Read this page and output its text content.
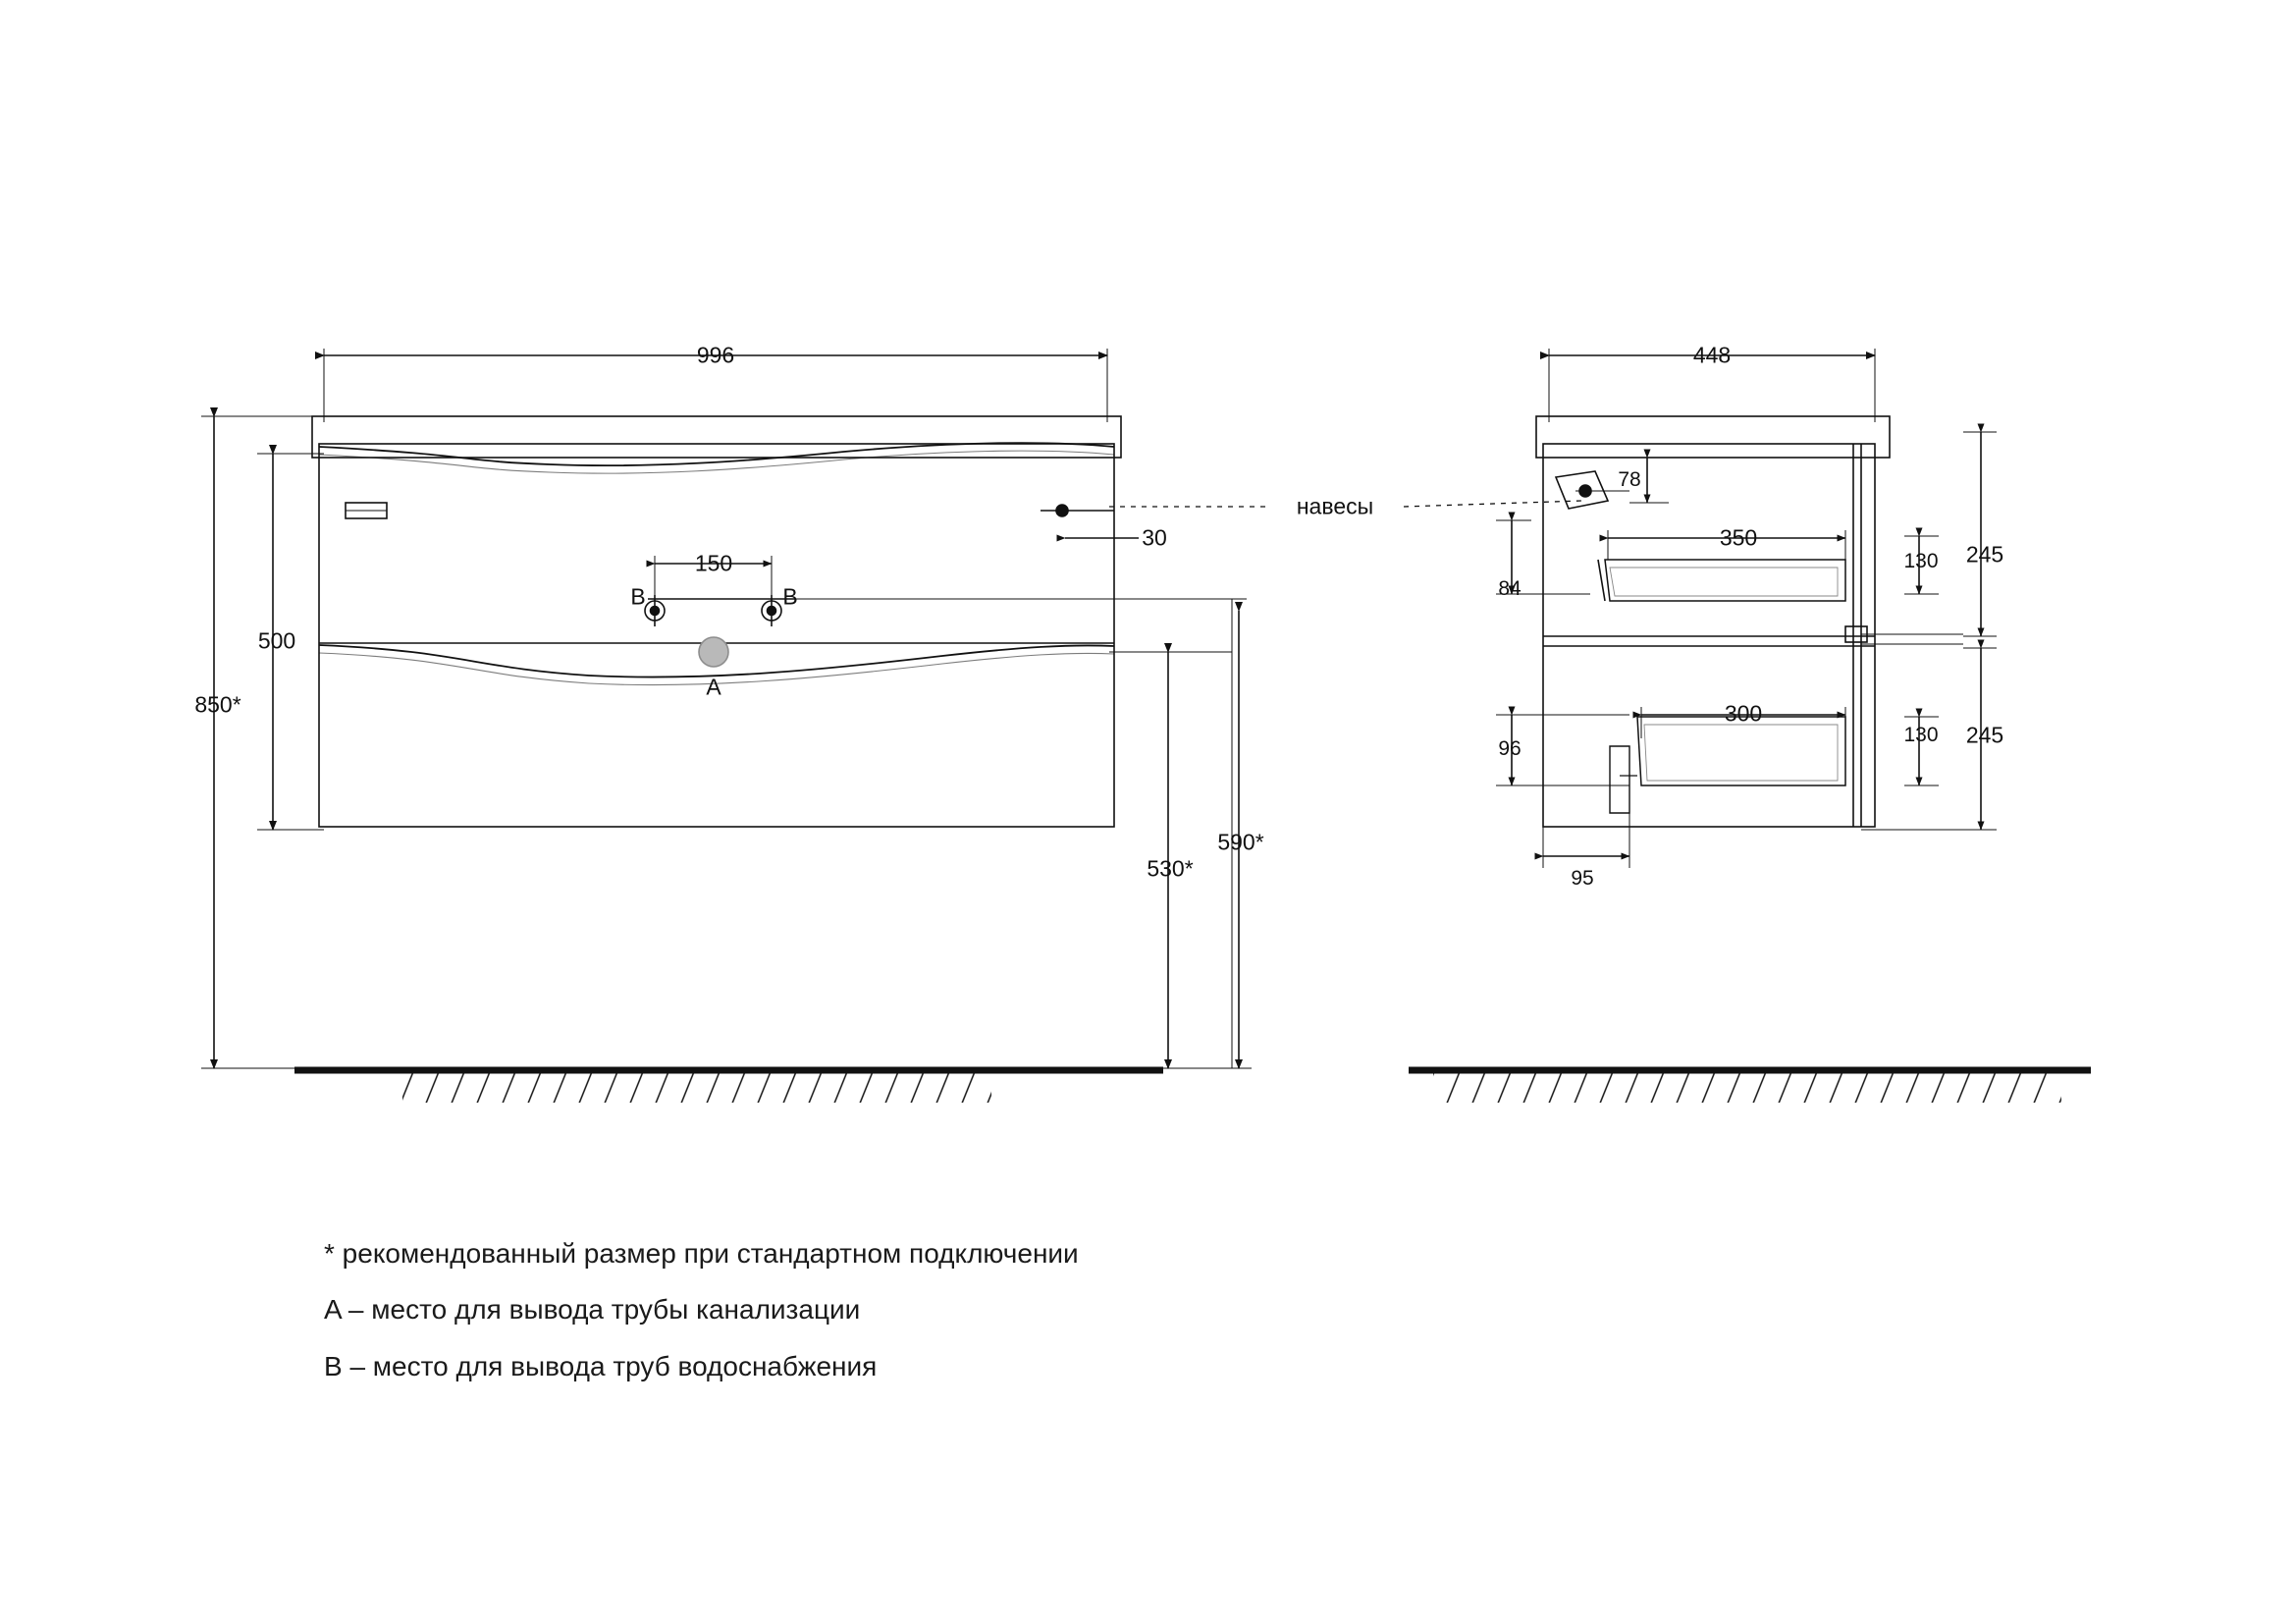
996
500
850*
150
30
530*
590*
B	B
A
навесы
448
78
84
350
130 245
300
96
130 245
95
* рекомендованный размер при стандартном подключении
A – место для вывода трубы канализации
B – место для вывода труб водоснабжения
